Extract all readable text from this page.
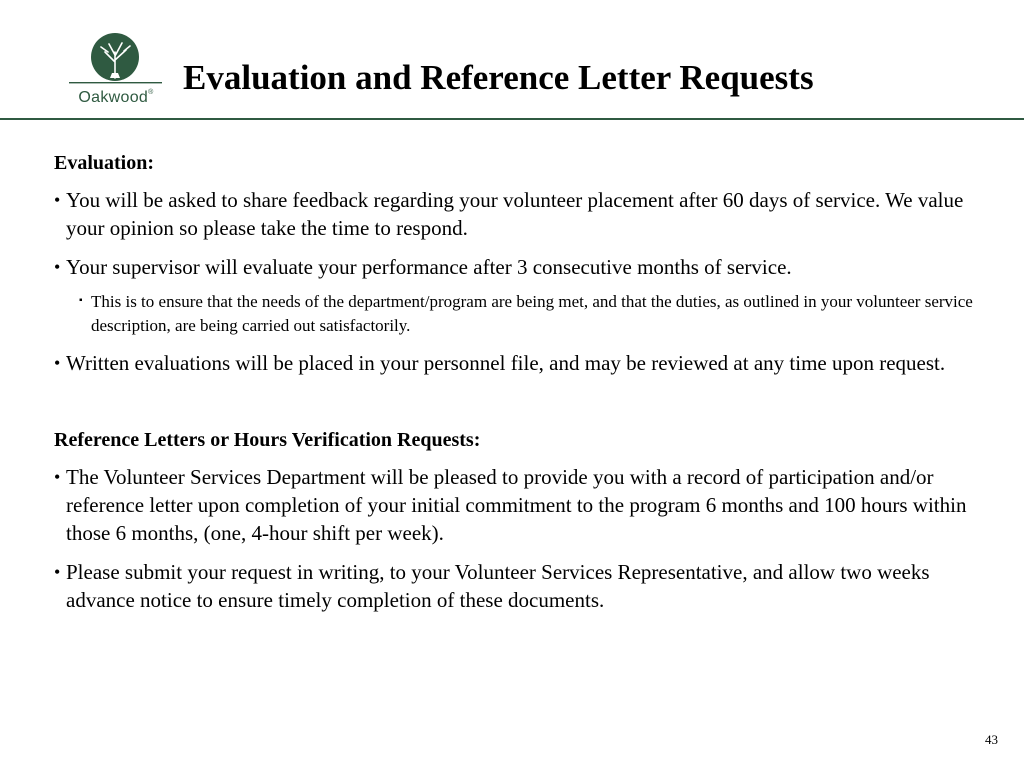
Oakwood® Evaluation and Reference Letter Requests
Evaluation:
• You will be asked to share feedback regarding your volunteer placement after 60 days of service. We value your opinion so please take the time to respond.
• Your supervisor will evaluate your performance after 3 consecutive months of service.
▪ This is to ensure that the needs of the department/program are being met, and that the duties, as outlined in your volunteer service description, are being carried out satisfactorily.
• Written evaluations will be placed in your personnel file, and may be reviewed at any time upon request.
Reference Letters or Hours Verification Requests:
• The Volunteer Services Department will be pleased to provide you with a record of participation and/or reference letter upon completion of your initial commitment to the program 6 months and 100 hours within those 6 months, (one, 4-hour shift per week).
• Please submit your request in writing, to your Volunteer Services Representative, and allow two weeks advance notice to ensure timely completion of these documents.
43
